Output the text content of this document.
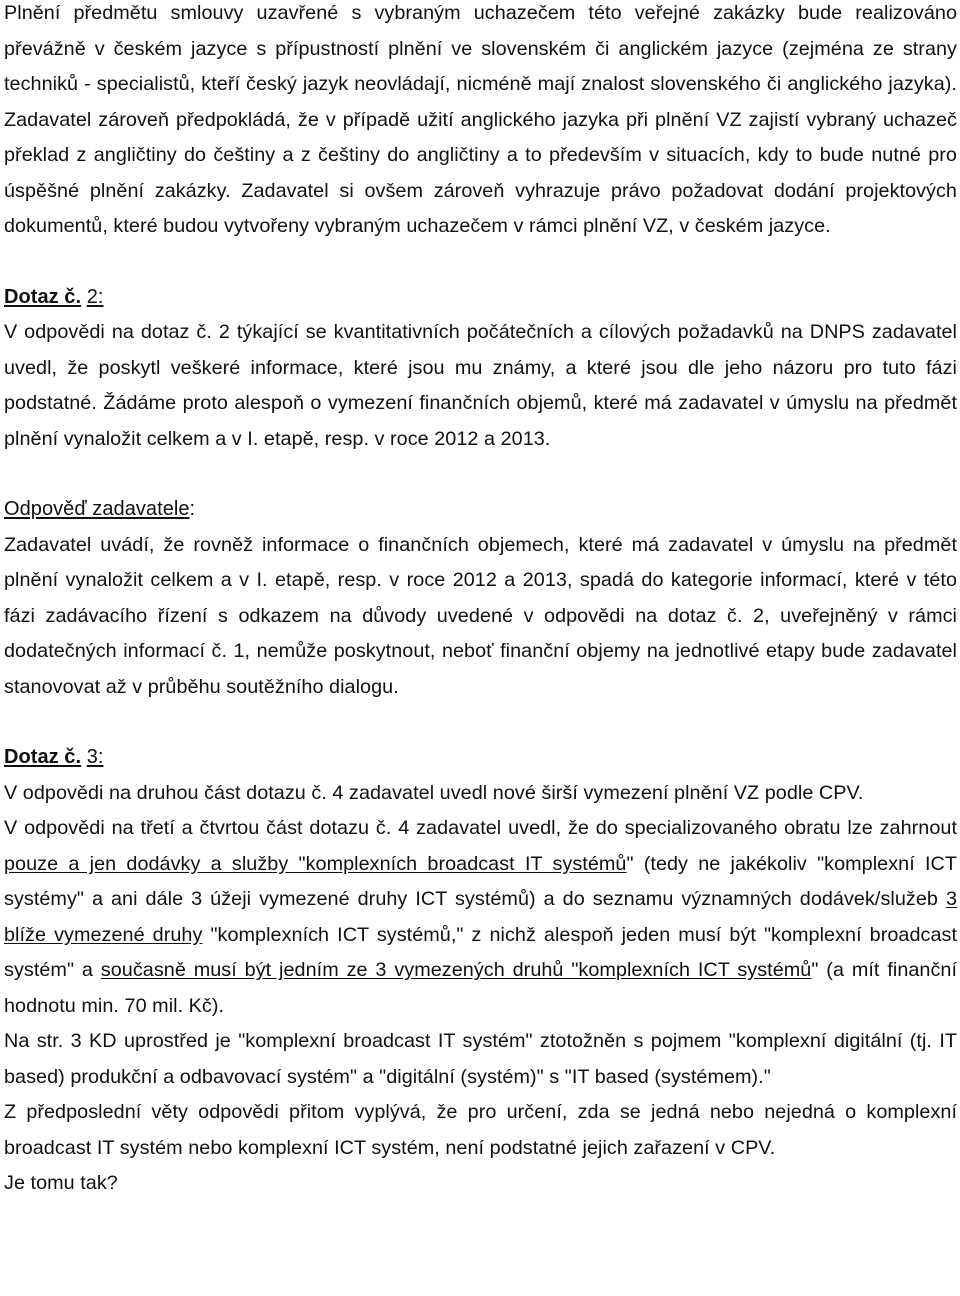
Plnění předmětu smlouvy uzavřené s vybraným uchazečem této veřejné zakázky bude realizováno převážně v českém jazyce s přípustností plnění ve slovenském či anglickém jazyce (zejména ze strany techniků - specialistů, kteří český jazyk neovládají, nicméně mají znalost slovenského či anglického jazyka). Zadavatel zároveň předpokládá, že v případě užití anglického jazyka při plnění VZ zajistí vybraný uchazeč překlad z angličtiny do češtiny a z češtiny do angličtiny a to především v situacích, kdy to bude nutné pro úspěšné plnění zakázky. Zadavatel si ovšem zároveň vyhrazuje právo požadovat dodání projektových dokumentů, které budou vytvořeny vybraným uchazečem v rámci plnění VZ, v českém jazyce.

Dotaz č. 2:

V odpovědi na dotaz č. 2 týkající se kvantitativních počátečních a cílových požadavků na DNPS zadavatel uvedl, že poskytl veškeré informace, které jsou mu známy, a které jsou dle jeho názoru pro tuto fázi podstatné. Žádáme proto alespoň o vymezení finančních objemů, které má zadavatel v úmyslu na předmět plnění vynaložit celkem a v I. etapě, resp. v roce 2012 a 2013.

Odpověď zadavatele:

Zadavatel uvádí, že rovněž informace o finančních objemech, které má zadavatel v úmyslu na předmět plnění vynaložit celkem a v I. etapě, resp. v roce 2012 a 2013, spadá do kategorie informací, které v této fázi zadávacího řízení s odkazem na důvody uvedené v odpovědi na dotaz č. 2, uveřejněný v rámci dodatečných informací č. 1, nemůže poskytnout, neboť finanční objemy na jednotlivé etapy bude zadavatel stanovovat až v průběhu soutěžního dialogu.

Dotaz č. 3:

V odpovědi na druhou část dotazu č. 4 zadavatel uvedl nové širší vymezení plnění VZ podle CPV.

V odpovědi na třetí a čtvrtou část dotazu č. 4 zadavatel uvedl, že do specializovaného obratu lze zahrnout pouze a jen dodávky a služby "komplexních broadcast IT systémů" (tedy ne jakékoliv "komplexní ICT systémy" a ani dále 3 úžeji vymezené druhy ICT systémů) a do seznamu významných dodávek/služeb 3 blíže vymezené druhy "komplexních ICT systémů," z nichž alespoň jeden musí být "komplexní broadcast systém" a současně musí být jedním ze 3 vymezených druhů "komplexních ICT systémů" (a mít finanční hodnotu min. 70 mil. Kč).

Na str. 3 KD uprostřed je "komplexní broadcast IT systém" ztotožněn s pojmem "komplexní digitální (tj. IT based) produkční a odbavovací systém" a "digitální (systém)" s "IT based (systémem)."

Z předposlední věty odpovědi přitom vyplývá, že pro určení, zda se jedná nebo nejedná o komplexní broadcast IT systém nebo komplexní ICT systém, není podstatné jejich zařazení v CPV.

Je tomu tak?
